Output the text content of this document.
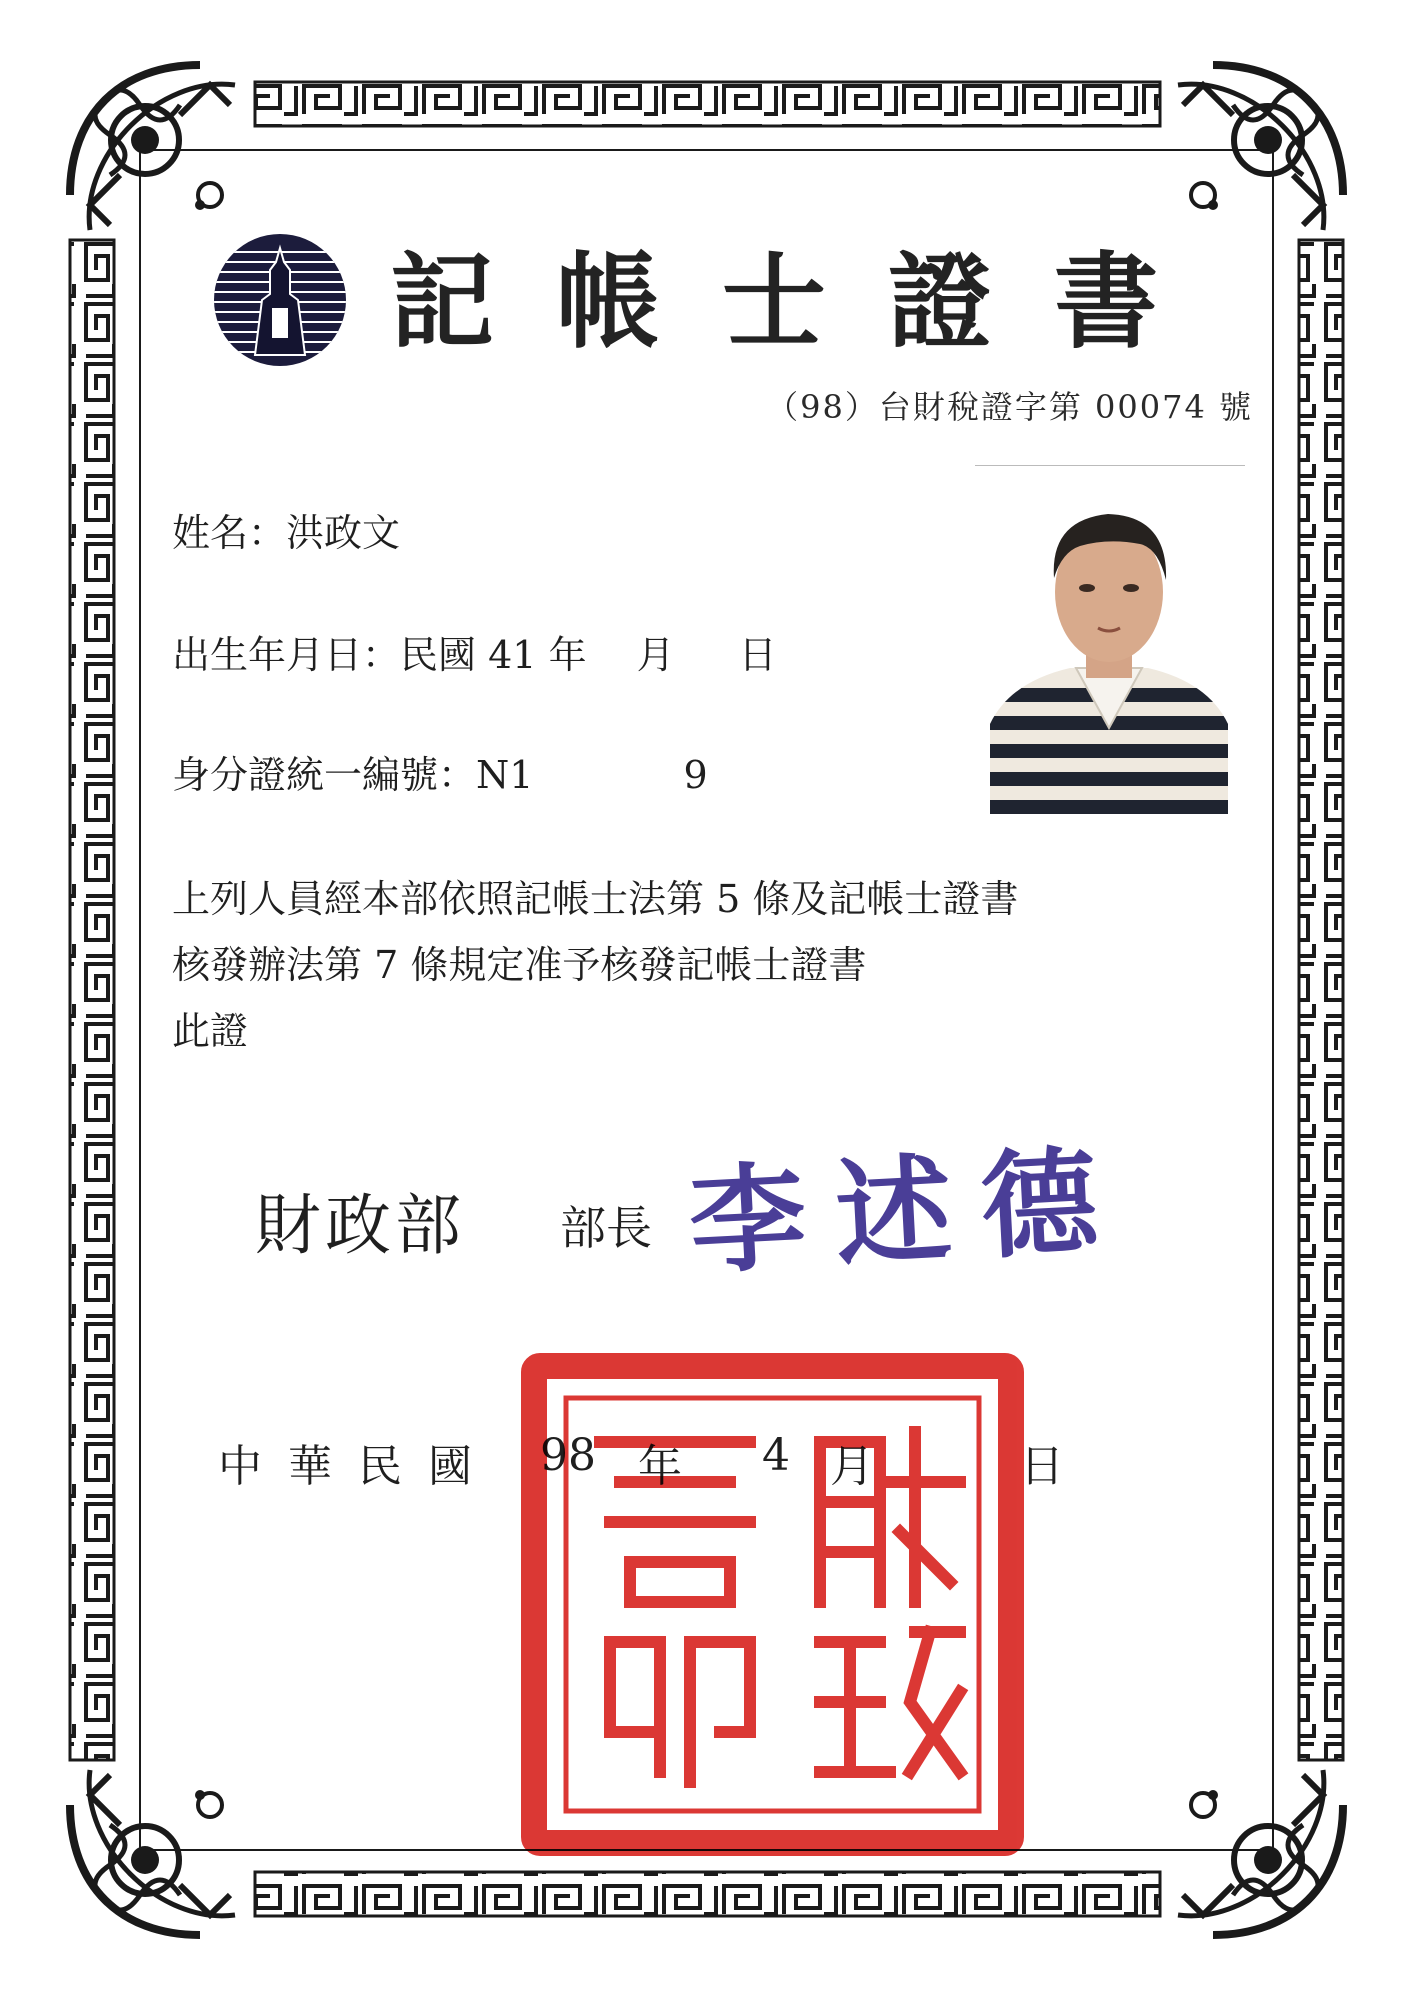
記帳士證書
（98）台財稅證字第 00074 號
姓名：洪政文
出生年月日：民國 41 年 月 日
身分證統一編號：N1	9
上列人員經本部依照記帳士法第 5 條及記帳士證書
核發辦法第 7 條規定准予核發記帳士證書
此證
財政部 部長 李述德
中華民國 98 年 4 月	日
